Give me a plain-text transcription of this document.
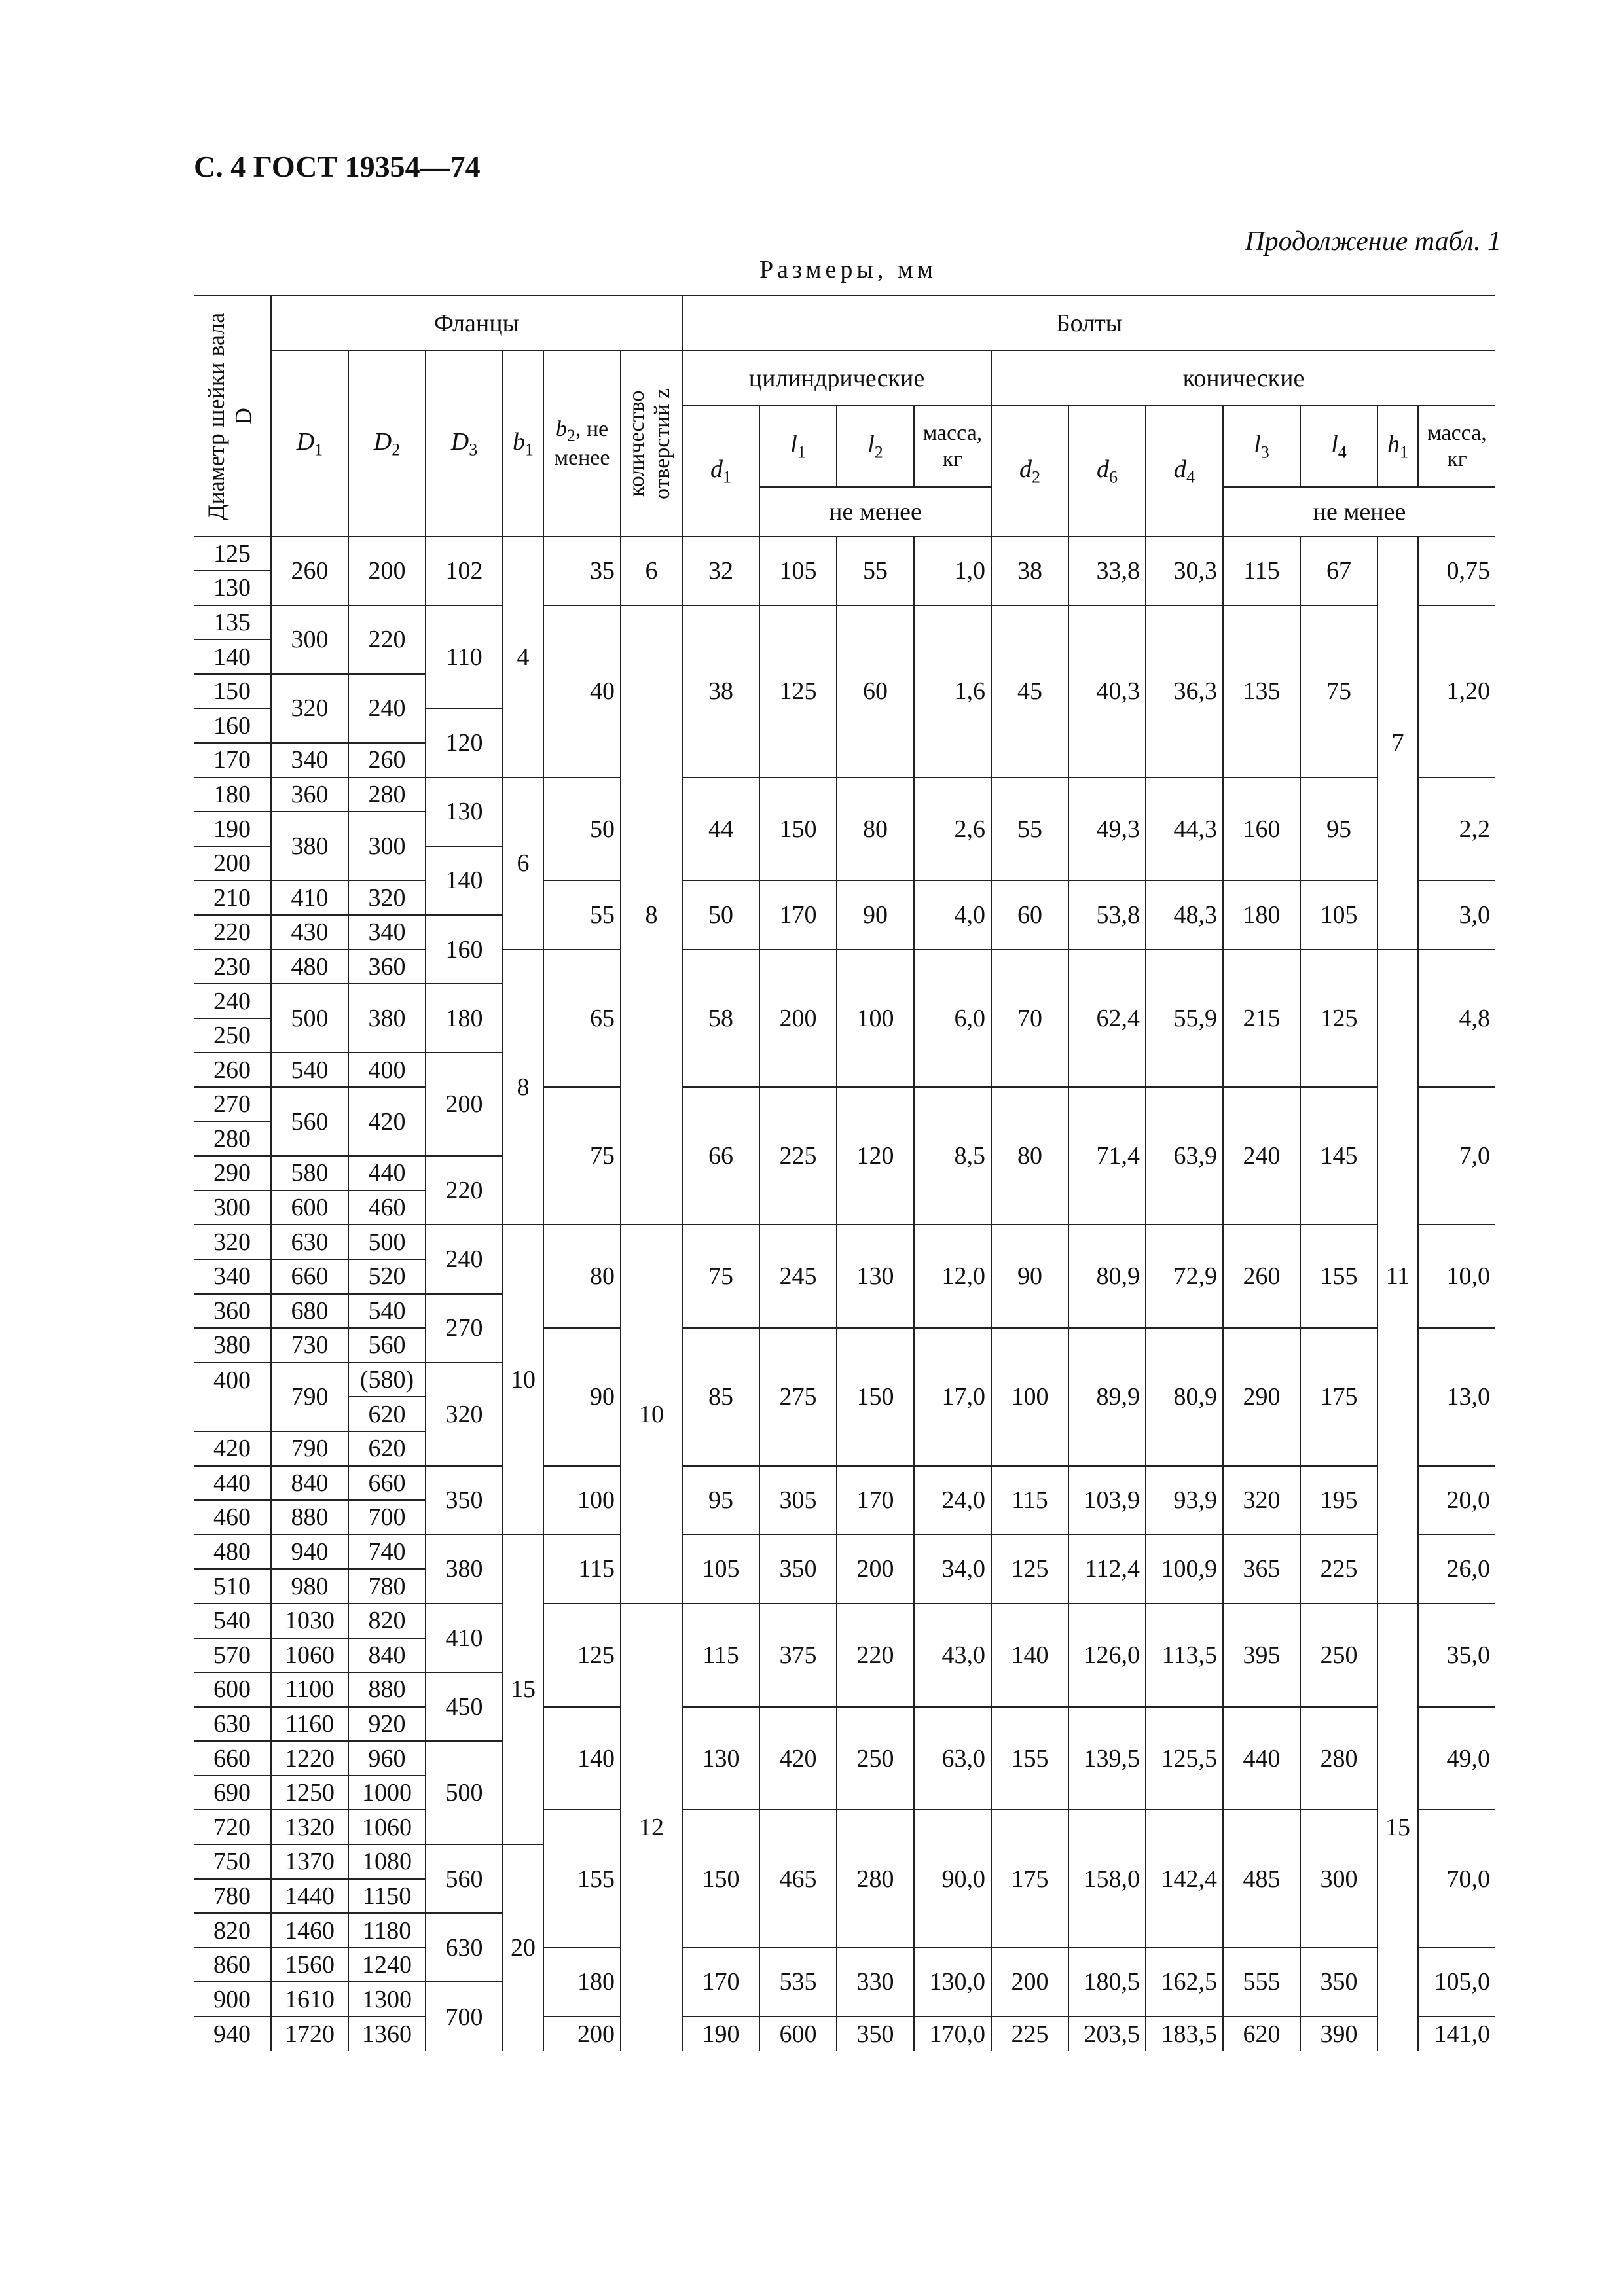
С. 4 ГОСТ 19354—74
Продолжение табл. 1
Размеры, мм
Диаметр шейки вала D	Фланцы						Болты										
	$D_1$	$D_2$	$D_3$	$b_1$	$b_2$, не менее	количество отверстий z	цилиндрические				конические						
							$d_1$	$l_1$	$l_2$	масса, кг	$d_2$	$d_6$	$d_4$	$l_3$	$l_4$	$h_1$	масса, кг

								не менее						не менее			
125	260	200	102	4	35	6	32	105	55	1,0	38	33,8	30,3	115	67	7	0,75
130																	
135	300	220	110		40	8	38	125	60	1,6	45	40,3	36,3	135	75		1,20
140																	
150	320	240															
160			120														
170	340	260															
180	360	280	130	6	50		44	150	80	2,6	55	49,3	44,3	160	95		2,2
190	380	300															
200			140														
210	410	320			55		50	170	90	4,0	60	53,8	48,3	180	105		3,0
220	430	340	160														
230	480	360		8	65		58	200	100	6,0	70	62,4	55,9	215	125	11	4,8
240	500	380	180														
250																	
260	540	400	200														
270	560	420			75		66	225	120	8,5	80	71,4	63,9	240	145		7,0
280																	
290	580	440	220														
300	600	460															
320	630	500	240	10	80	10	75	245	130	12,0	90	80,9	72,9	260	155		10,0
340	660	520															
360	680	540	270														
380	730	560			90		85	275	150	17,0	100	89,9	80,9	290	175		13,0
400	790	(580)	320														
		620															
420	790	620															
440	840	660	350		100		95	305	170	24,0	115	103,9	93,9	320	195		20,0
460	880	700															
480	940	740	380	15	115		105	350	200	34,0	125	112,4	100,9	365	225		26,0
510	980	780															
540	1030	820	410		125	12	115	375	220	43,0	140	126,0	113,5	395	250	15	35,0
570	1060	840															
600	1100	880	450														
630	1160	920			140		130	420	250	63,0	155	139,5	125,5	440	280		49,0
660	1220	960	500														
690	1250	1000															
720	1320	1060			155		150	465	280	90,0	175	158,0	142,4	485	300		70,0
750	1370	1080	560	20													
780	1440	1150															
820	1460	1180	630														
860	1560	1240			180		170	535	330	130,0	200	180,5	162,5	555	350		105,0
900	1610	1300	700														
940	1720	1360			200		190	600	350	170,0	225	203,5	183,5	620	390		141,0
